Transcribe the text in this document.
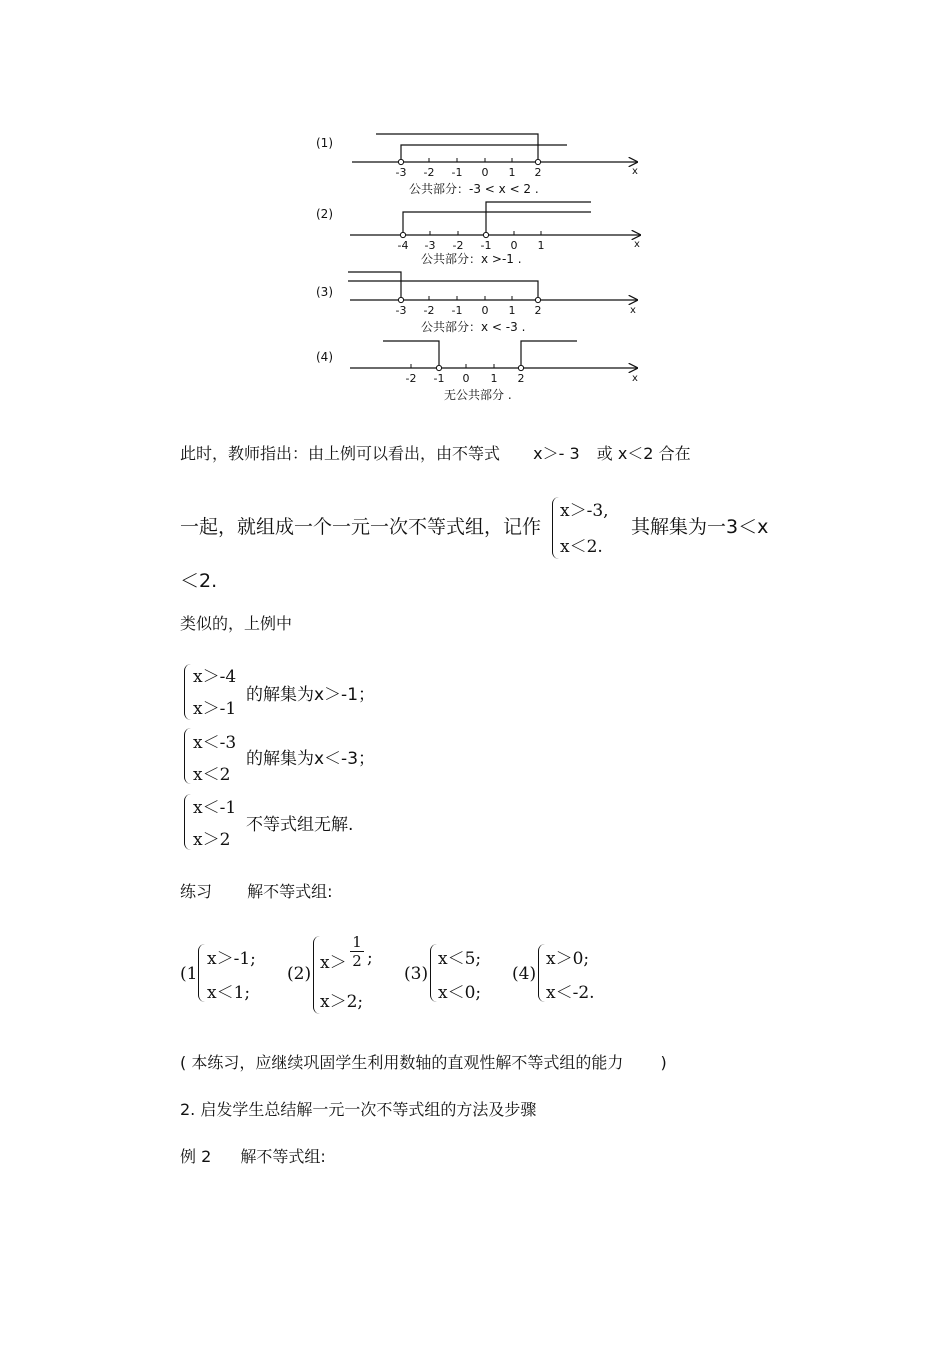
(1)
-3 -2 -1 0 1 2	x
公共部分：-3 < x < 2 .
(2)
-4 -3 -2 -1 0 1	x
公共部分：x >-1 .
(3)
-3 -2 -1 0 1 2	x
公共部分：x < -3 .
(4)
-2 -1 0 1 2	x
无公共部分 .
此时，教师指出：由上例可以看出，由不等式 x＞- 3 或 x＜2 合在
一起，就组成一个一元一次不等式组，记作
x＞-3,
x＜2.
其解集为一3＜x
＜2.
类似的，上例中
x＞-4
x＞-1
的解集为x＞-1；
x＜-3
x＜2
的解集为x＜-3；
x＜-1
x＞2
不等式组无解.
练习 解不等式组:
(1
x＞-1;
x＜1;
(2)
$x> \frac{1}{2}$ ;
x＞2;
(3)
x＜5;
x＜0;
(4)
x＞0;
x＜-2.
( 本练习，应继续巩固学生利用数轴的直观性解不等式组的能力 )
2. 启发学生总结解一元一次不等式组的方法及步骤
例 2 解不等式组:
